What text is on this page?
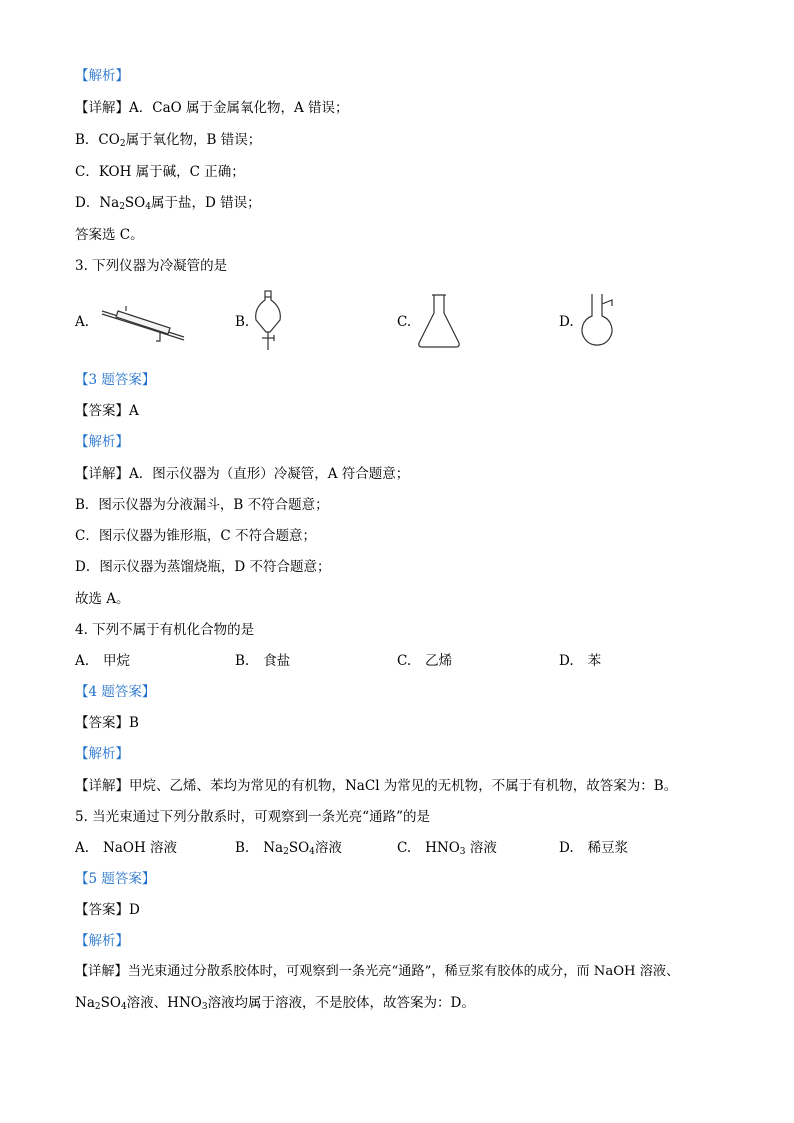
【解析】
【详解】A．CaO 属于金属氧化物，A 错误；
B．$CO_2$属于氧化物，B 错误；
C．KOH 属于碱，C 正确；
D．$Na_2SO_4$属于盐，D 错误；
答案选 C。
3. 下列仪器为冷凝管的是
A.	B.	C.	D.
【3 题答案】
【答案】A
【解析】
【详解】A．图示仪器为（直形）冷凝管，A 符合题意；
B．图示仪器为分液漏斗，B 不符合题意；
C．图示仪器为锥形瓶，C 不符合题意；
D．图示仪器为蒸馏烧瓶，D 不符合题意；
故选 A。
4. 下列不属于有机化合物的是
A. 甲烷	B. 食盐	C. 乙烯	D. 苯
【4 题答案】
【答案】B
【解析】
【详解】甲烷、乙烯、苯均为常见的有机物，NaCl 为常见的无机物，不属于有机物，故答案为：B。
5. 当光束通过下列分散系时，可观察到一条光亮“通路”的是
A. NaOH 溶液	B. $Na_2SO_4$溶液	C. $HNO_3$ 溶液	D. 稀豆浆
【5 题答案】
【答案】D
【解析】
【详解】当光束通过分散系胶体时，可观察到一条光亮“通路”，稀豆浆有胶体的成分，而 NaOH 溶液、
$Na_2SO_4$溶液、$HNO_3$溶液均属于溶液，不是胶体，故答案为：D。
